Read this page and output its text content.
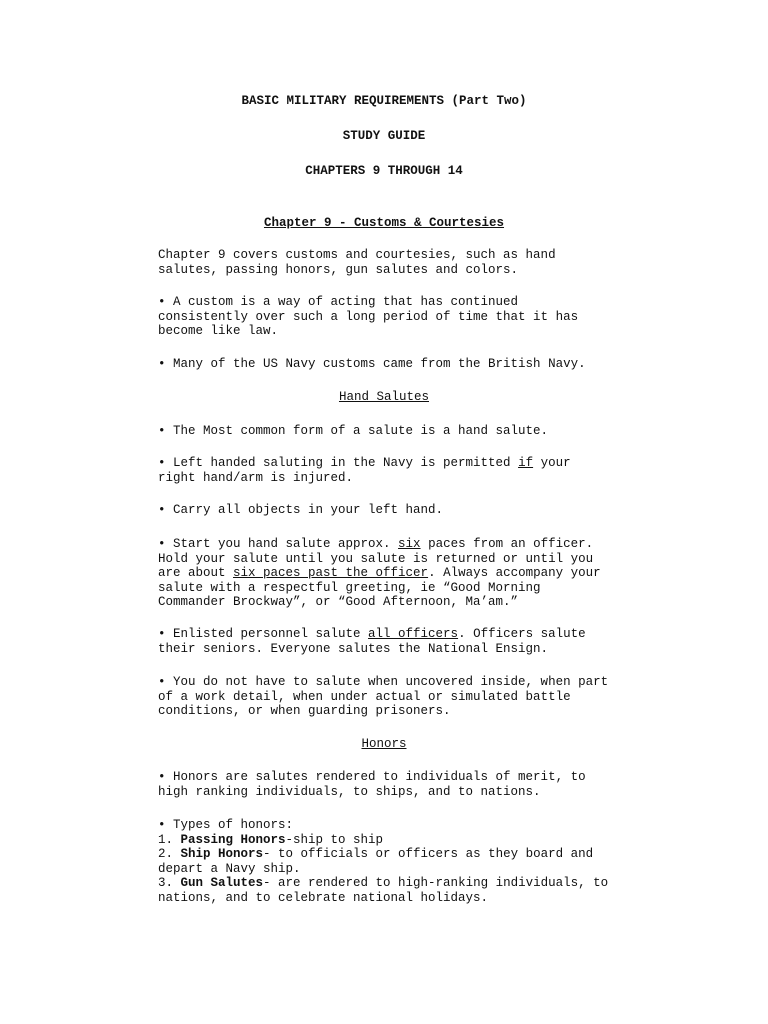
BASIC MILITARY REQUIREMENTS (Part Two)
STUDY GUIDE
CHAPTERS 9 THROUGH 14
Chapter 9 - Customs & Courtesies
Chapter 9 covers customs and courtesies, such as hand
salutes, passing honors, gun salutes and colors.
• A custom is a way of acting that has continued
consistently over such a long period of time that it has
become like law.
• Many of the US Navy customs came from the British Navy.
Hand Salutes
• The Most common form of a salute is a hand salute.
• Left handed saluting in the Navy is permitted if your
right hand/arm is injured.
• Carry all objects in your left hand.
• Start you hand salute approx. six paces from an officer.
Hold your salute until you salute is returned or until you
are about six paces past the officer. Always accompany your
salute with a respectful greeting, ie “Good Morning
Commander Brockway”, or “Good Afternoon, Ma’am.”
• Enlisted personnel salute all officers. Officers salute
their seniors. Everyone salutes the National Ensign.
• You do not have to salute when uncovered inside, when part
of a work detail, when under actual or simulated battle
conditions, or when guarding prisoners.
Honors
• Honors are salutes rendered to individuals of merit, to
high ranking individuals, to ships, and to nations.
• Types of honors:
1. Passing Honors-ship to ship
2. Ship Honors- to officials or officers as they board and
depart a Navy ship.
3. Gun Salutes- are rendered to high-ranking individuals, to
nations, and to celebrate national holidays.
